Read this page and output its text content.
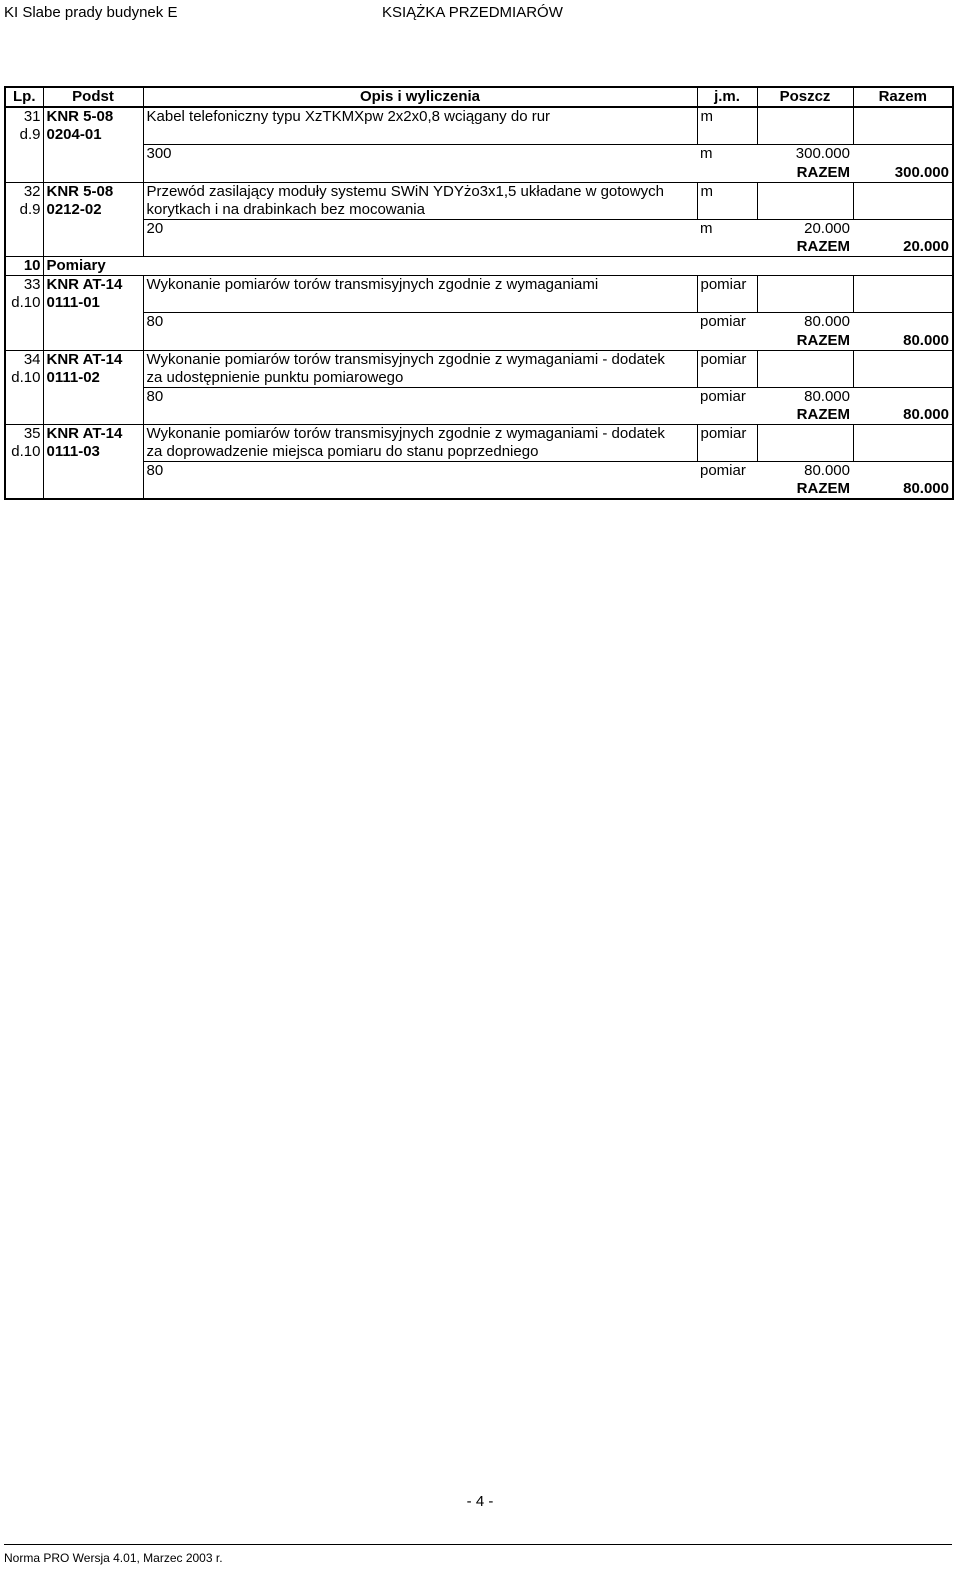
KI Slabe prady budynek E	KSIĄŻKA PRZEDMIARÓW
Lp.	Podst	Opis i wyliczenia	j.m.	Poszcz	Razem
31	KNR 5-08	Kabel telefoniczny typu XzTKMXpw 2x2x0,8 wciągany do rur	m		
d.9	0204-01				
		300	m	300.000	
				RAZEM	300.000
32	KNR 5-08	Przewód zasilający moduły systemu SWiN YDYżo3x1,5 układane w gotowych	m		
d.9	0212-02	korytkach i na drabinkach bez mocowania			
		20	m	20.000	
				RAZEM	20.000
10	Pomiary				
33	KNR AT-14	Wykonanie pomiarów torów transmisyjnych zgodnie z wymaganiami	pomiar		
d.10	0111-01				
		80	pomiar	80.000	
				RAZEM	80.000
34	KNR AT-14	Wykonanie pomiarów torów transmisyjnych zgodnie z wymaganiami - dodatek	pomiar		
d.10	0111-02	za udostępnienie punktu pomiarowego			
		80	pomiar	80.000	
				RAZEM	80.000
35	KNR AT-14	Wykonanie pomiarów torów transmisyjnych zgodnie z wymaganiami - dodatek	pomiar		
d.10	0111-03	za doprowadzenie miejsca pomiaru do stanu poprzedniego			
		80	pomiar	80.000	
				RAZEM	80.000
- 4 -
Norma PRO Wersja 4.01, Marzec 2003 r.
